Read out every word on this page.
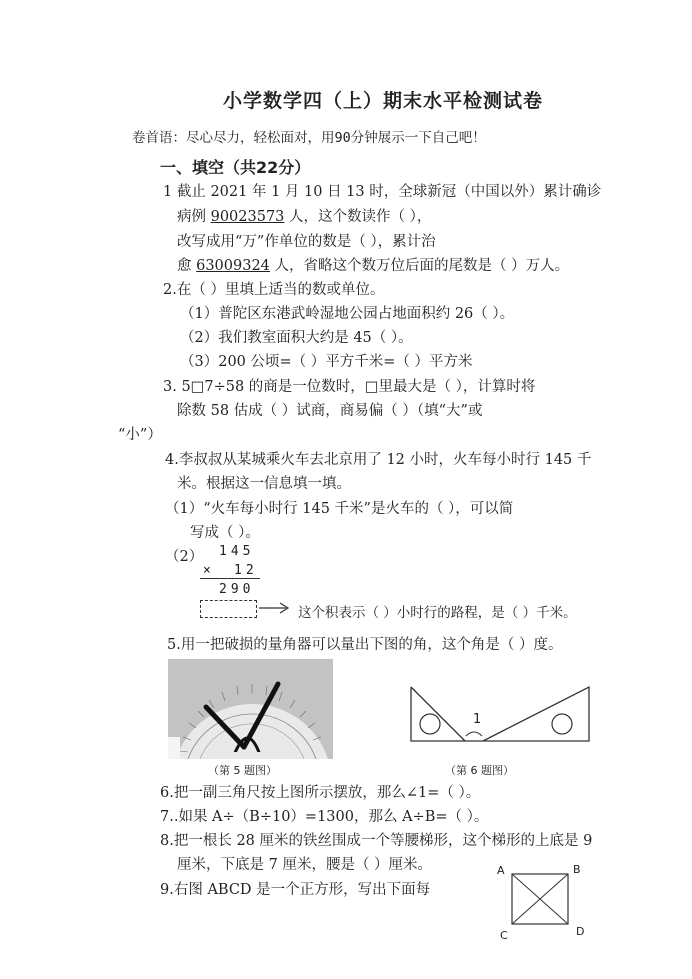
小学数学四（上）期末水平检测试卷
卷首语：尽心尽力，轻松面对，用90分钟展示一下自己吧！
一、填空（共22分）
1 截止 2021 年 1 月 10 日 13 时，全球新冠（中国以外）累计确诊
病例 90023573 人，这个数读作（ ），
改写成用“万”作单位的数是（ ），累计治
愈 63009324 人，省略这个数万位后面的尾数是（ ）万人。
2.在（ ）里填上适当的数或单位。
（1）普陀区东港武岭湿地公园占地面积约 26（ ）。
（2）我们教室面积大约是 45（ ）。
（3）200 公顷=（ ）平方千米=（ ）平方米
3. 5□7÷58 的商是一位数时，□里最大是（ ），计算时将
除数 58 估成（ ）试商，商易偏（ ）（填“大”或
“小”）
4.李叔叔从某城乘火车去北京用了 12 小时，火车每小时行 145 千
米。根据这一信息填一填。
（1）“火车每小时行 145 千米”是火车的（ ），可以简
写成（ ）。
（2） 145
× 12
290
这个积表示（ ）小时行的路程，是（ ）千米。
5.用一把破损的量角器可以量出下图的角，这个角是（ ）度。
（第 5 题图）
1
（第 6 题图）
6.把一副三角尺按上图所示摆放，那么∠1=（ ）。
7..如果 A÷（B÷10）=1300，那么 A÷B=（ ）。
8.把一根长 28 厘米的铁丝围成一个等腰梯形，这个梯形的上底是 9
厘米，下底是 7 厘米，腰是（ ）厘米。
9.右图 ABCD 是一个正方形，写出下面每
A	B
C	D
